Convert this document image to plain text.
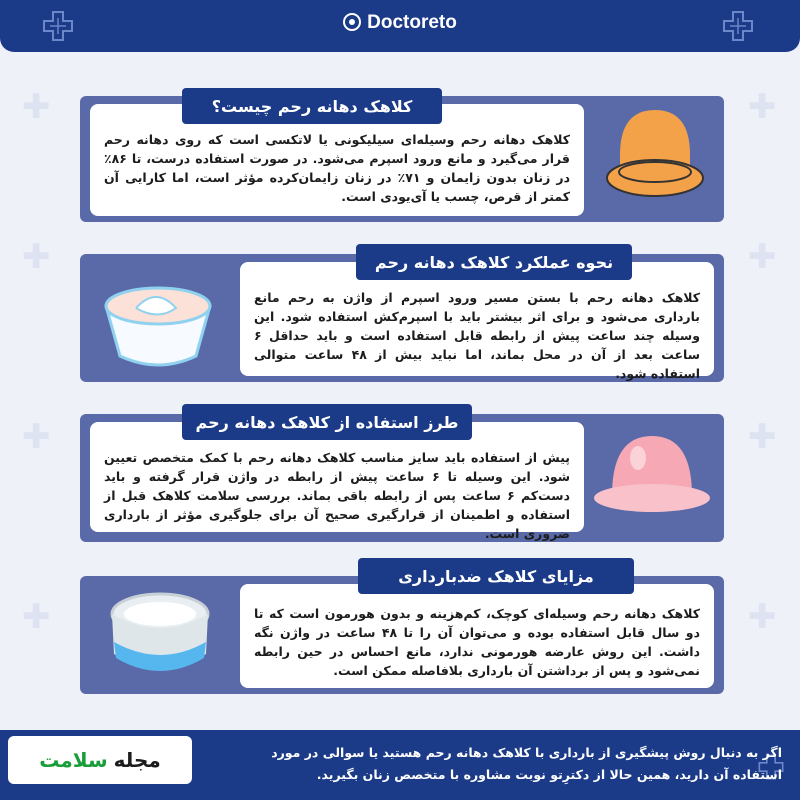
✚
✚
✚
✚
✚
✚
✚
✚
Doctoreto
کلاهک دهانه رحم وسیله‌ای سیلیکونی یا لاتکسی است که روی دهانه رحم قرار می‌گیرد و مانع ورود اسپرم می‌شود. در صورت استفاده درست، تا ۸۶٪ در زنان بدون زایمان و ۷۱٪ در زنان زایمان‌کرده مؤثر است، اما کارایی آن کمتر از قرص، چسب یا آی‌یودی است.
کلاهک دهانه رحم چیست؟
کلاهک دهانه رحم با بستن مسیر ورود اسپرم از واژن به رحم مانع بارداری می‌شود و برای اثر بیشتر باید با اسپرم‌کش استفاده شود. این وسیله چند ساعت پیش از رابطه قابل استفاده است و باید حداقل ۶ ساعت بعد از آن در محل بماند، اما نباید بیش از ۴۸ ساعت متوالی استفاده شود.
نحوه عملکرد کلاهک دهانه رحم
پیش از استفاده باید سایز مناسب کلاهک دهانه رحم با کمک متخصص تعیین شود. این وسیله تا ۶ ساعت پیش از رابطه در واژن قرار گرفته و باید دست‌کم ۶ ساعت پس از رابطه باقی بماند. بررسی سلامت کلاهک قبل از استفاده و اطمینان از قرارگیری صحیح آن برای جلوگیری مؤثر از بارداری ضروری است.
طرز استفاده از کلاهک دهانه رحم
کلاهک دهانه رحم وسیله‌ای کوچک، کم‌هزینه و بدون هورمون است که تا دو سال قابل استفاده بوده و می‌توان آن را تا ۴۸ ساعت در واژن نگه داشت. این روش عارضه هورمونی ندارد، مانع احساس در حین رابطه نمی‌شود و پس از برداشتن آن بارداری بلافاصله ممکن است.
مزایای کلاهک ضدبارداری
اگر به دنبال روش پیشگیری از بارداری با کلاهک دهانه رحم هستید یا سوالی در مورد
استفاده آن دارید، همین حالا از دکترِتو نوبت مشاوره با متخصص زنان بگیرید.
مجله
سلامت
